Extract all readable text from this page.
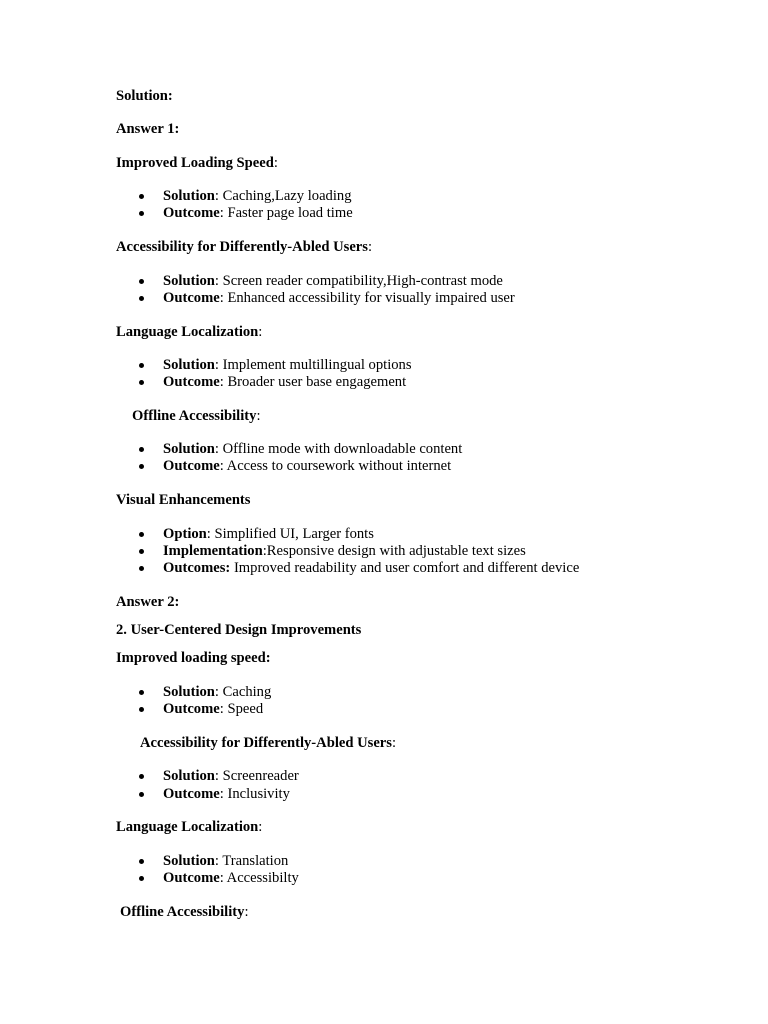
Solution:
Answer 1:
Improved Loading Speed:
Solution: Caching,Lazy loading
Outcome: Faster page load time
Accessibility for Differently-Abled Users:
Solution: Screen reader compatibility,High-contrast mode
Outcome: Enhanced accessibility for visually impaired user
Language Localization:
Solution: Implement multillingual options
Outcome: Broader user base engagement
Offline Accessibility:
Solution: Offline mode with downloadable content
Outcome: Access to coursework without internet
Visual Enhancements
Option: Simplified UI, Larger fonts
Implementation:Responsive design with adjustable text sizes
Outcomes: Improved readability and user comfort and different device
Answer 2:
2. User-Centered Design Improvements
Improved loading speed:
Solution: Caching
Outcome: Speed
Accessibility for Differently-Abled Users:
Solution: Screenreader
Outcome: Inclusivity
Language Localization:
Solution: Translation
Outcome: Accessibilty
Offline Accessibility:
